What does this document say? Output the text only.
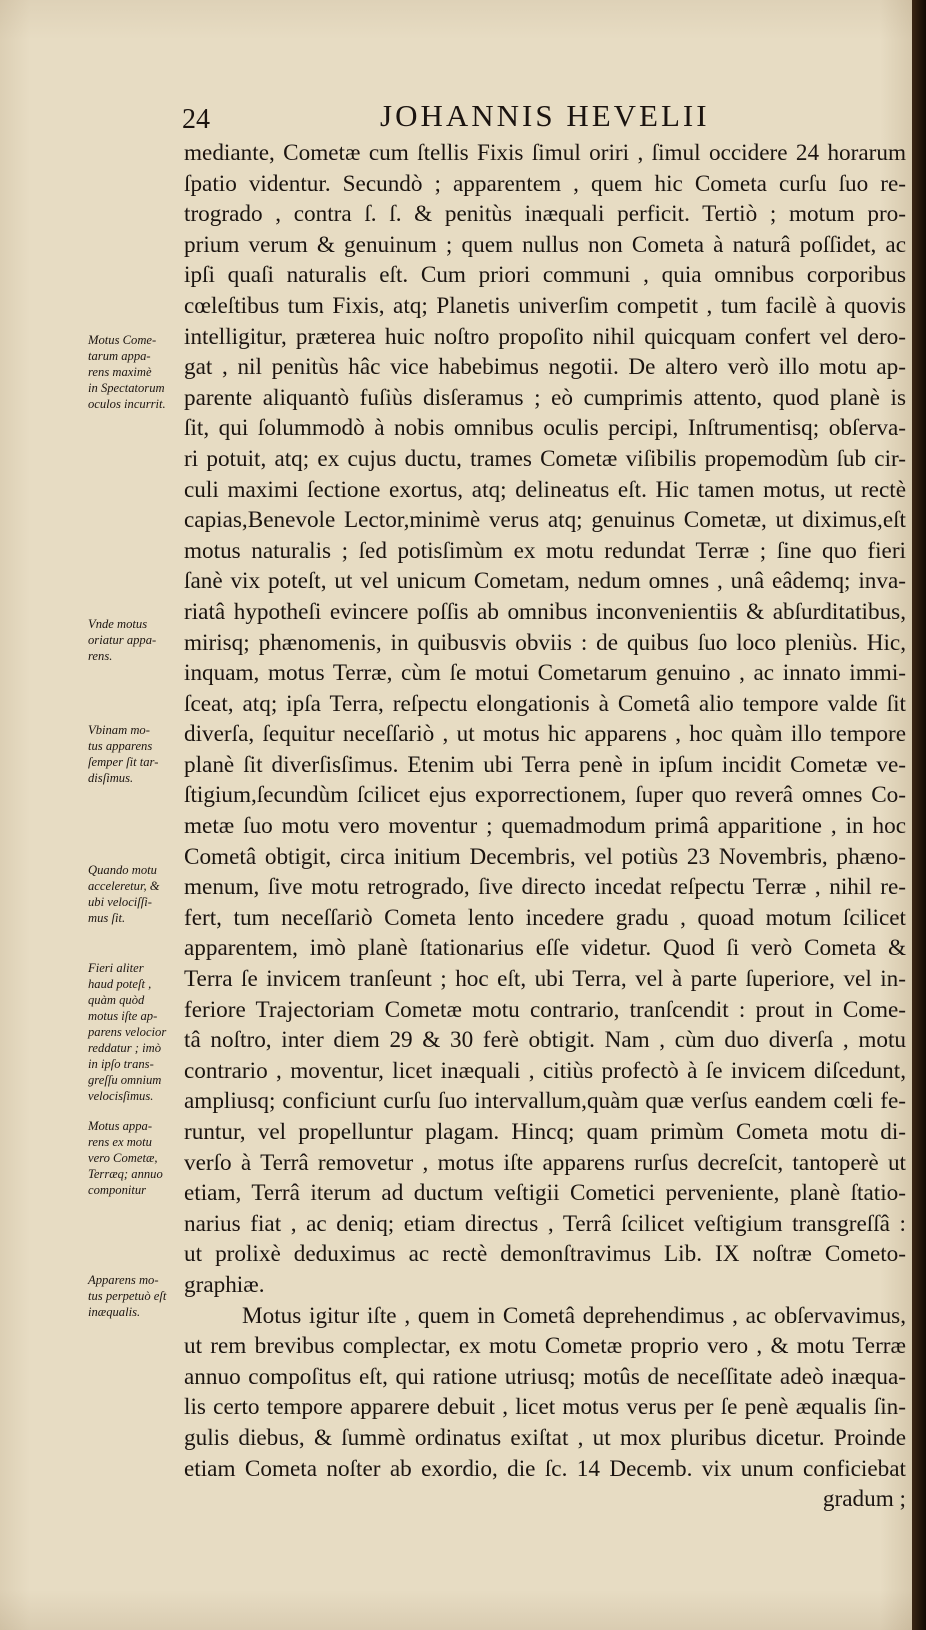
24	JOHANNIS HEVELII
mediante, Cometæ cum ſtellis Fixis ſimul oriri , ſimul occidere 24 horarum
ſpatio videntur. Secundò ; apparentem , quem hic Cometa curſu ſuo re-
trogrado , contra ſ. ſ. & penitùs inæquali perficit. Tertiò ; motum pro-
prium verum & genuinum ; quem nullus non Cometa à naturâ poſſidet, ac
ipſi quaſi naturalis eſt. Cum priori communi , quia omnibus corporibus
cœleſtibus tum Fixis, atq; Planetis univerſim competit , tum facilè à quovis
intelligitur, præterea huic noſtro propoſito nihil quicquam confert vel dero-
gat , nil penitùs hâc vice habebimus negotii. De altero verò illo motu ap-
parente aliquantò fuſiùs disſeramus ; eò cumprimis attento, quod planè is
ſit, qui ſolummodò à nobis omnibus oculis percipi, Inſtrumentisq; obſerva-
ri potuit, atq; ex cujus ductu, trames Cometæ viſibilis propemodùm ſub cir-
culi maximi ſectione exortus, atq; delineatus eſt. Hic tamen motus, ut rectè
capias,Benevole Lector,minimè verus atq; genuinus Cometæ, ut diximus,eſt
motus naturalis ; ſed potisſimùm ex motu redundat Terræ ; ſine quo fieri
ſanè vix poteſt, ut vel unicum Cometam, nedum omnes , unâ eâdemq; inva-
riatâ hypotheſi evincere poſſis ab omnibus inconvenientiis & abſurditatibus,
mirisq; phænomenis, in quibusvis obviis : de quibus ſuo loco pleniùs. Hic,
inquam, motus Terræ, cùm ſe motui Cometarum genuino , ac innato immi-
ſceat, atq; ipſa Terra, reſpectu elongationis à Cometâ alio tempore valde ſit
diverſa, ſequitur neceſſariò , ut motus hic apparens , hoc quàm illo tempore
planè ſit diverſisſimus. Etenim ubi Terra penè in ipſum incidit Cometæ ve-
ſtigium,ſecundùm ſcilicet ejus exporrectionem, ſuper quo reverâ omnes Co-
metæ ſuo motu vero moventur ; quemadmodum primâ apparitione , in hoc
Cometâ obtigit, circa initium Decembris, vel potiùs 23 Novembris, phæno-
menum, ſive motu retrogrado, ſive directo incedat reſpectu Terræ , nihil re-
fert, tum neceſſariò Cometa lento incedere gradu , quoad motum ſcilicet
apparentem, imò planè ſtationarius eſſe videtur. Quod ſi verò Cometa &
Terra ſe invicem tranſeunt ; hoc eſt, ubi Terra, vel à parte ſuperiore, vel in-
feriore Trajectoriam Cometæ motu contrario, tranſcendit : prout in Come-
tâ noſtro, inter diem 29 & 30 ferè obtigit. Nam , cùm duo diverſa , motu
contrario , moventur, licet inæquali , citiùs profectò à ſe invicem diſcedunt,
ampliusq; conficiunt curſu ſuo intervallum,quàm quæ verſus eandem cœli fe-
runtur, vel propelluntur plagam. Hincq; quam primùm Cometa motu di-
verſo à Terrâ removetur , motus iſte apparens rurſus decreſcit, tantoperè ut
etiam, Terrâ iterum ad ductum veſtigii Cometici perveniente, planè ſtatio-
narius fiat , ac deniq; etiam directus , Terrâ ſcilicet veſtigium transgreſſâ :
ut prolixè deduximus ac rectè demonſtravimus Lib. IX noſtræ Cometo-
graphiæ.
Motus igitur iſte , quem in Cometâ deprehendimus , ac obſervavimus,
ut rem brevibus complectar, ex motu Cometæ proprio vero , & motu Terræ
annuo compoſitus eſt, qui ratione utriusq; motûs de neceſſitate adeò inæqua-
lis certo tempore apparere debuit , licet motus verus per ſe penè æqualis ſin-
gulis diebus, & ſummè ordinatus exiſtat , ut mox pluribus dicetur. Proinde
etiam Cometa noſter ab exordio, die ſc. 14 Decemb. vix unum conficiebat
gradum ;
Motus Come-
tarum appa-
rens maximè
in Spectatorum
oculos incurrit.
Vnde motus
oriatur appa-
rens.
Vbinam mo-
tus apparens
ſemper ſit tar-
disſimus.
Quando motu
acceleretur, &
ubi velociſſi-
mus ſit.
Fieri aliter
haud poteſt ,
quàm quòd
motus iſte ap-
parens velocior
reddatur ; imò
in ipſo trans-
greſſu omnium
velocisſimus.
Motus appa-
rens ex motu
vero Cometæ,
Terræq; annuo
componitur
Apparens mo-
tus perpetuò eſt
inæqualis.
